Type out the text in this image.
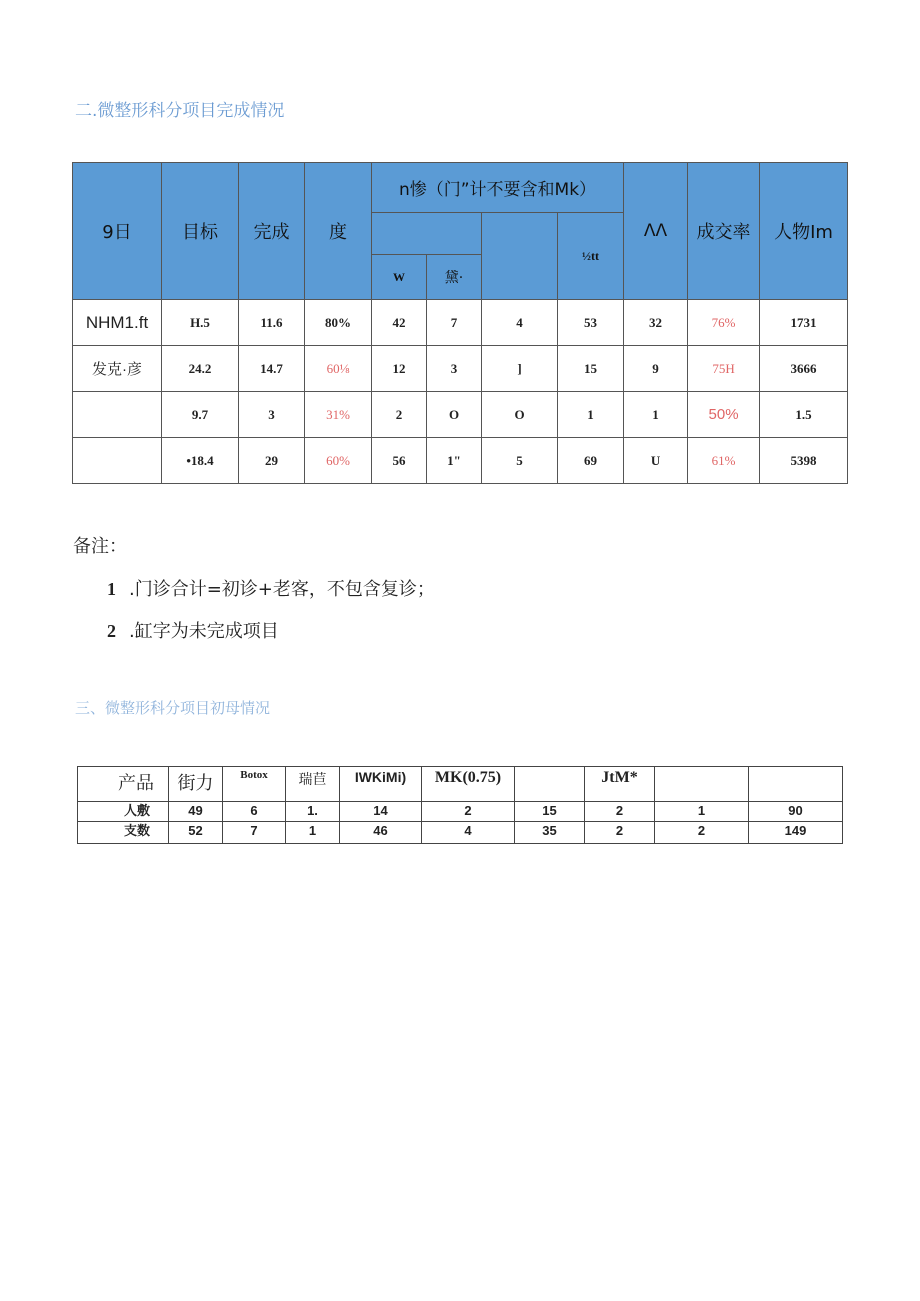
二.微整形科分项目完成情况
9日	目标	完成	度	n惨（门”计不要含和Mk）				ΛΛ	成交率	人物Im
							½tt			
				W	黛·					
NHM1.ft	H.5	11.6	80%	42	7	4	53	32	76%	1731
发克·彦	24.2	14.7	60⅛	12	3	]	15	9	75H	3666
	9.7	3	31%	2	O	O	1	1	50%	1.5
	•18.4	29	60%	56	1"	5	69	U	61%	5398
备注：
1 .门诊合计=初诊+老客，不包含复诊；
2 .缸字为未完成项目
三、微整形科分项目初母情况
产品	街力	Botox	瑞苣	IWKiMi)	MK(0.75)		JtM*		
人敷	49	6	1.	14	2	15	2	1	90
支数	52	7	1	46	4	35	2	2	149
